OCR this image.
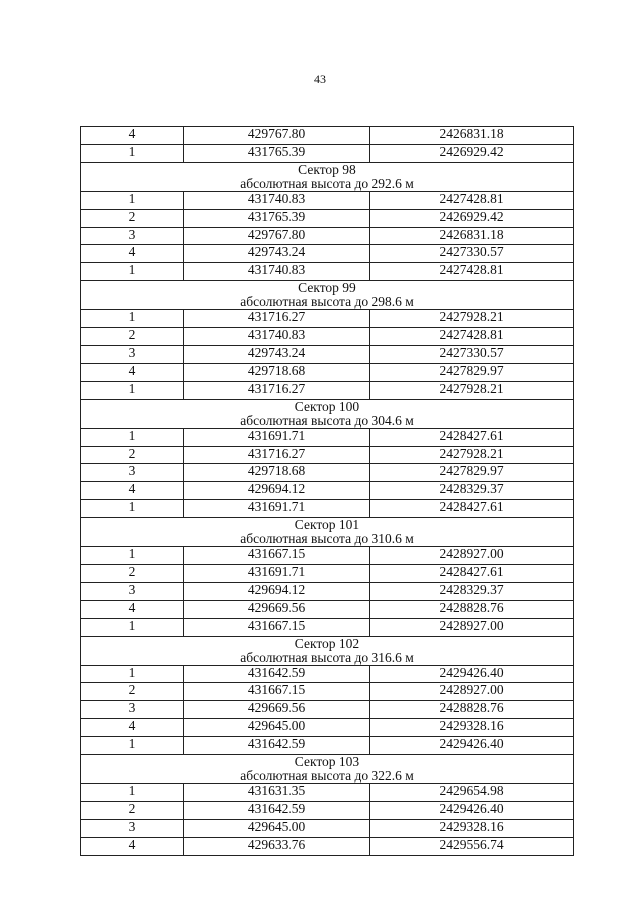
43
4	429767.80	2426831.18
1	431765.39	2426929.42

Сектор 98
абсолютная высота до 292.6 м		

1	431740.83	2427428.81
2	431765.39	2426929.42
3	429767.80	2426831.18
4	429743.24	2427330.57
1	431740.83	2427428.81

Сектор 99
абсолютная высота до 298.6 м		

1	431716.27	2427928.21
2	431740.83	2427428.81
3	429743.24	2427330.57
4	429718.68	2427829.97
1	431716.27	2427928.21

Сектор 100
абсолютная высота до 304.6 м		

1	431691.71	2428427.61
2	431716.27	2427928.21
3	429718.68	2427829.97
4	429694.12	2428329.37
1	431691.71	2428427.61

Сектор 101
абсолютная высота до 310.6 м		

1	431667.15	2428927.00
2	431691.71	2428427.61
3	429694.12	2428329.37
4	429669.56	2428828.76
1	431667.15	2428927.00

Сектор 102
абсолютная высота до 316.6 м		

1	431642.59	2429426.40
2	431667.15	2428927.00
3	429669.56	2428828.76
4	429645.00	2429328.16
1	431642.59	2429426.40

Сектор 103
абсолютная высота до 322.6 м		

1	431631.35	2429654.98
2	431642.59	2429426.40
3	429645.00	2429328.16
4	429633.76	2429556.74
